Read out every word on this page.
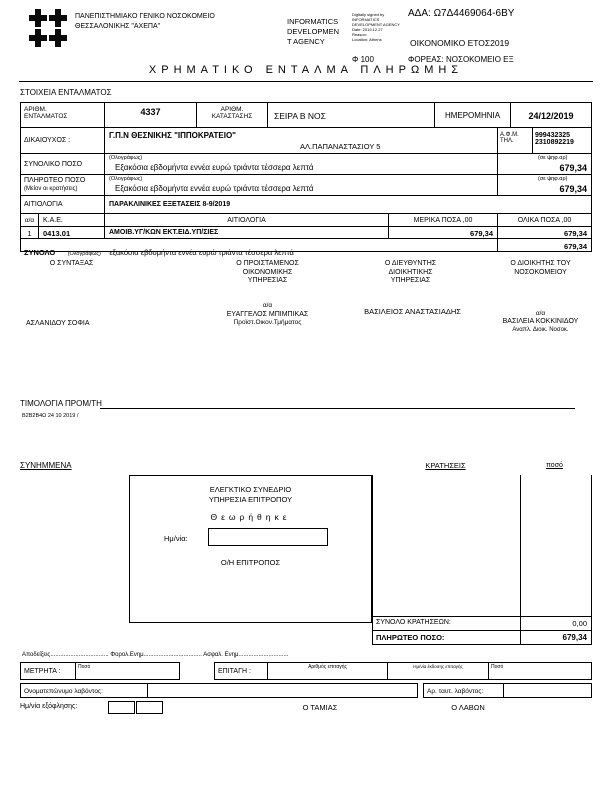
ΠΑΝΕΠΙΣΤΗΜΙΑΚΟ ΓΕΝΙΚΟ ΝΟΣΟΚΟΜΕΙΟ
ΘΕΣΣΑΛΟΝΙΚΗΣ "ΑΧΕΠΑ"
INFORMATICS
DEVELOPMEN
T AGENCY
Digitally signed by
INFORMATICS
DEVELOPMENT AGENCY
Date: 2019.12.27
Reason:
Location: Athens
ΑΔΑ: Ω7Δ4469064-6ΒΥ
ΟΙΚΟΝΟΜΙΚΟ ΕΤΟΣ2019
Φ 100	ΦΟΡΕΑΣ: ΝΟΣΟΚΟΜΕΙΟ ΕΞ
ΧΡΗΜΑΤΙΚΟ ΕΝΤΑΛΜΑ ΠΛΗΡΩΜΗΣ
ΣΤΟΙΧΕΙΑ ΕΝΤΑΛΜΑΤΟΣ
ΑΡΙΘΜ.
ΕΝΤΑΛΜΑΤΟΣ	4337	ΑΡΙΘΜ.
ΚΑΤΑΣΤΑΣΗΣ	ΣΕΙΡΑ Β ΝΟΣ	ΗΜΕΡΟΜΗΝΙΑ	24/12/2019
ΔΙΚΑΙΟΥΧΟΣ :
Γ.Π.Ν ΘΕΣΝΙΚΗΣ "ΙΠΠΟΚΡΑΤΕΙΟ"
ΑΛ.ΠΑΠΑΝΑΣΤΑΣΙΟΥ 5
Α.Φ.Μ.
ΤΗΛ.
999432325
2310892219
ΣΥΝΟΛΙΚΟ ΠΟΣΟ
(Ολογράφως)
Εξακόσια εβδομήντα εννέα ευρώ τριάντα τέσσερα λεπτά
(σε ψηφ.αρ)
679,34
ΠΛΗΡΩΤΕΟ ΠΟΣΟ
(Μείον οι κρατήσεις)
(Ολογράφως)
Εξακόσια εβδομήντα εννέα ευρώ τριάντα τέσσερα λεπτά
(σε ψηφ.αρ)
679,34
ΑΙΤΙΟΛΟΓΙΑ	ΠΑΡΑΚΛΙΝΙΚΕΣ ΕΞΕΤΑΣΕΙΣ 8-9/2019
α/α	Κ.Α.Ε.	ΑΙΤΙΟΛΟΓΙΑ	ΜΕΡΙΚΑ ΠΟΣΑ ,00	ΟΛΙΚΑ ΠΟΣΑ ,00
1	0413.01	ΑΜΟΙΒ.ΥΓ/ΚΩΝ ΕΚΤ.ΕΙΔ.ΥΠ/ΣΙΕΣ	679,34	679,34
ΣΥΝΟΛΟ (Ολογράφως) εξακόσια εβδομήντα εννέα ευρώ τριάντα τέσσερα λεπτά
679,34
Ο ΣΥΝΤΑΞΑΣ	Ο ΠΡΟΙΣΤΑΜΕΝΟΣ
ΟΙΚΟΝΟΜΙΚΗΣ
ΥΠΗΡΕΣΙΑΣ
Ο ΔΙΕΥΘΥΝΤΗΣ
ΔΙΟΙΚΗΤΙΚΗΣ
ΥΠΗΡΕΣΙΑΣ
Ο ΔΙΟΙΚΗΤΗΣ ΤΟΥ
ΝΟΣΟΚΟΜΕΙΟΥ
ΑΣΛΑΝΙΔΟΥ ΣΟΦΙΑ
α/α
ΕΥΑΓΓΕΛΟΣ ΜΠΙΜΠΙΚΑΣ
Προϊστ.Οικον.Τμήματος
ΒΑΣΙΛΕΙΟΣ ΑΝΑΣΤΑΣΙΑΔΗΣ	α/α
ΒΑΣΙΛΕΙΑ ΚΟΚΚΙΝΙΔΟΥ
Αναπλ. Διοικ. Νοσοκ.
ΤΙΜΟΛΟΓΙΑ ΠΡΟΜ/ΤΗ
Β2Β2Β4Ω 24 10 2019 /
ΣΥΝΗΜΜΕΝΑ	ΚΡΑΤΗΣΕΙΣ	ποσό
ΕΛΕΓΚΤΙΚΟ ΣΥΝΕΔΡΙΟ
ΥΠΗΡΕΣΙΑ ΕΠΙΤΡΟΠΟΥ
Θεωρήθηκε
Ημ/νία:
Ο/Η ΕΠΙΤΡΟΠΟΣ
ΣΥΝΟΛΟ ΚΡΑΤΗΣΕΩΝ:	0,00
ΠΛΗΡΩΤΕΟ ΠΟΣΟ:	679,34
Αποδείξεις................................... Φορολ.Ενημ................................... Ασφαλ. Ενημ..............................
ΜΕΤΡΗΤΑ :
Ποσό
ΕΠΙΤΑΓΗ :
Αριθμός επιταγής	Ημ/νία έκδοσης επιταγής	Ποσό
Ονοματεπώνυμο λαβόντος:	Αρ. ταυτ. λαβόντος:
Ημ/νία εξόφλησης:	Ο ΤΑΜΙΑΣ	Ο ΛΑΒΩΝ
